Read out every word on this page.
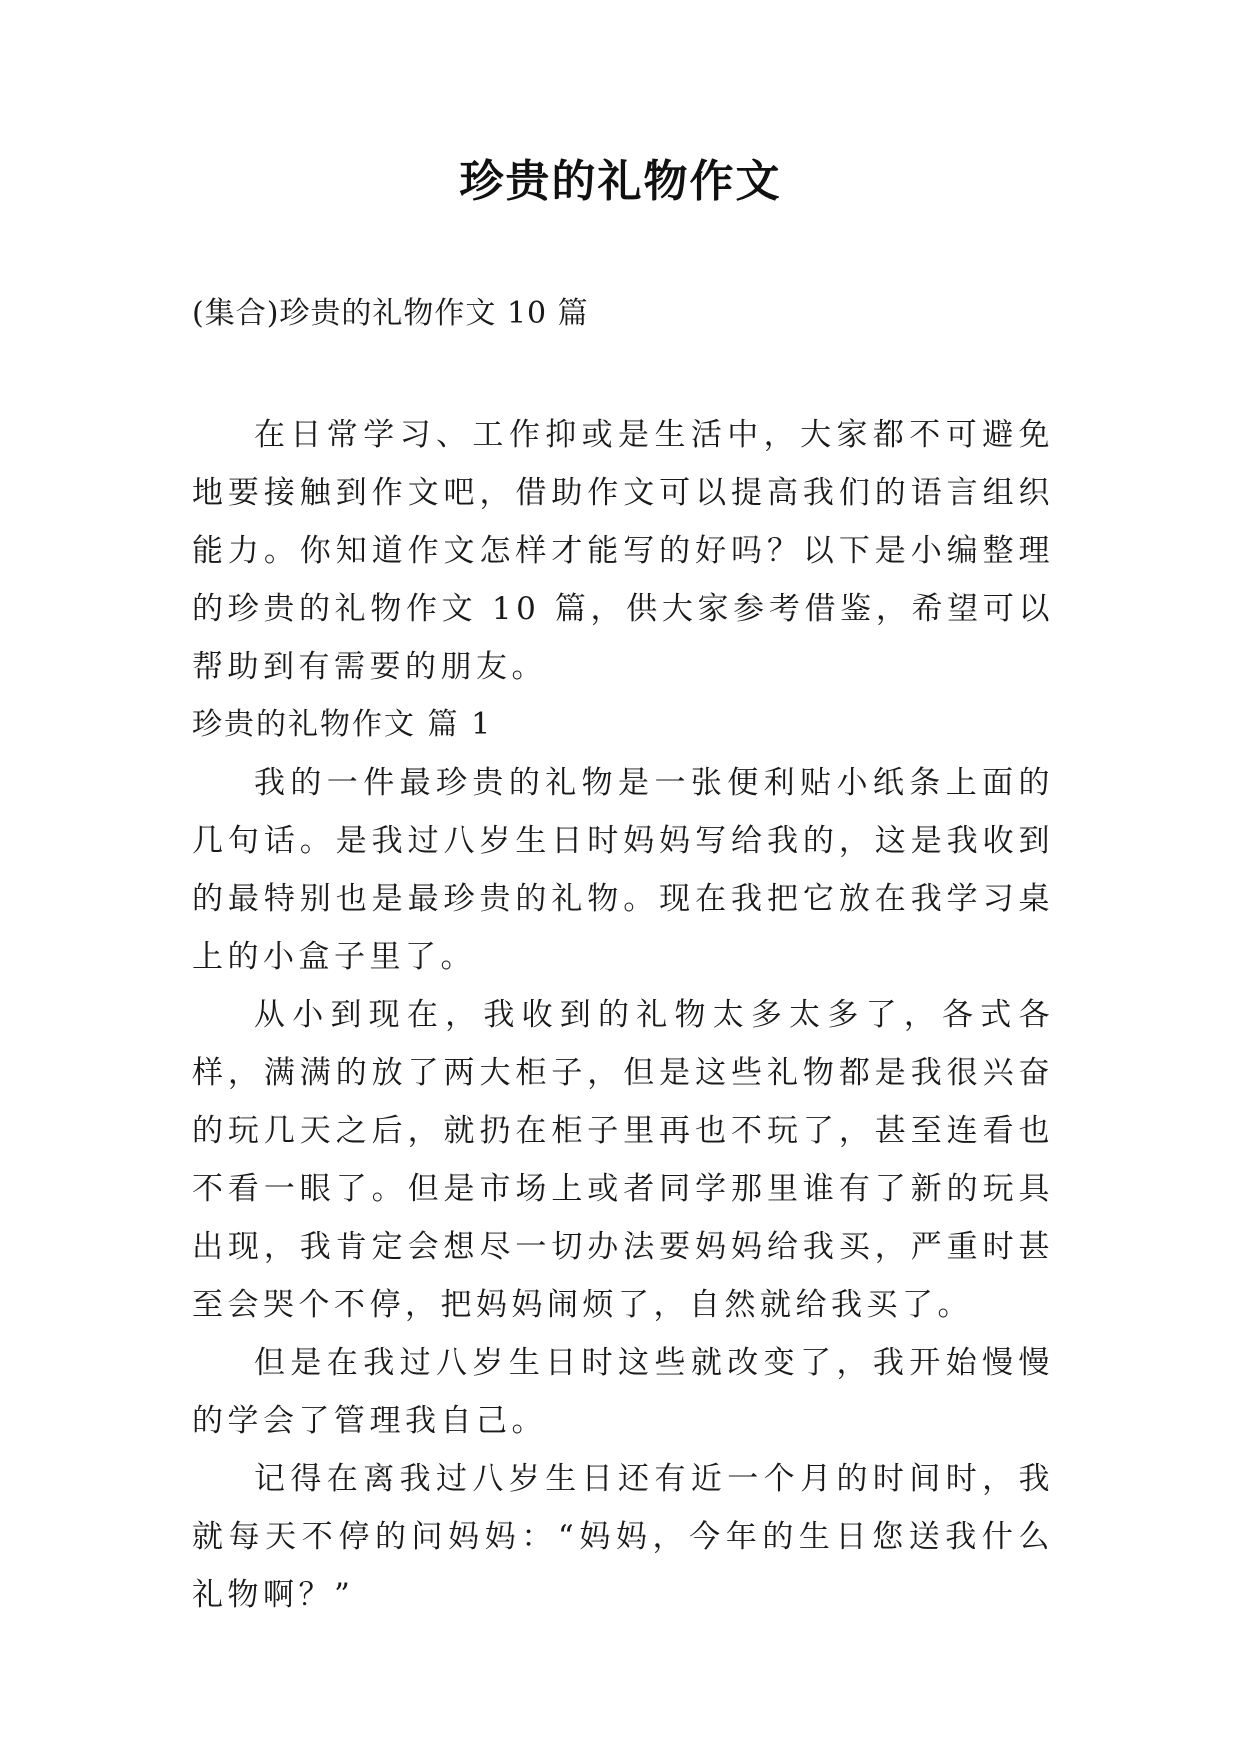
珍贵的礼物作文
(集合)珍贵的礼物作文 10 篇

在日常学习、工作抑或是生活中，大家都不可避免地要接触到作文吧，借助作文可以提高我们的语言组织能力。你知道作文怎样才能写的好吗？以下是小编整理的珍贵的礼物作文 10 篇，供大家参考借鉴，希望可以帮助到有需要的朋友。

珍贵的礼物作文 篇 1

我的一件最珍贵的礼物是一张便利贴小纸条上面的几句话。是我过八岁生日时妈妈写给我的，这是我收到的最特别也是最珍贵的礼物。现在我把它放在我学习桌上的小盒子里了。

从小到现在，我收到的礼物太多太多了，各式各样，满满的放了两大柜子，但是这些礼物都是我很兴奋的玩几天之后，就扔在柜子里再也不玩了，甚至连看也不看一眼了。但是市场上或者同学那里谁有了新的玩具出现，我肯定会想尽一切办法要妈妈给我买，严重时甚至会哭个不停，把妈妈闹烦了，自然就给我买了。

但是在我过八岁生日时这些就改变了，我开始慢慢的学会了管理我自己。

记得在离我过八岁生日还有近一个月的时间时，我就每天不停的问妈妈：“妈妈，今年的生日您送我什么礼物啊？”
